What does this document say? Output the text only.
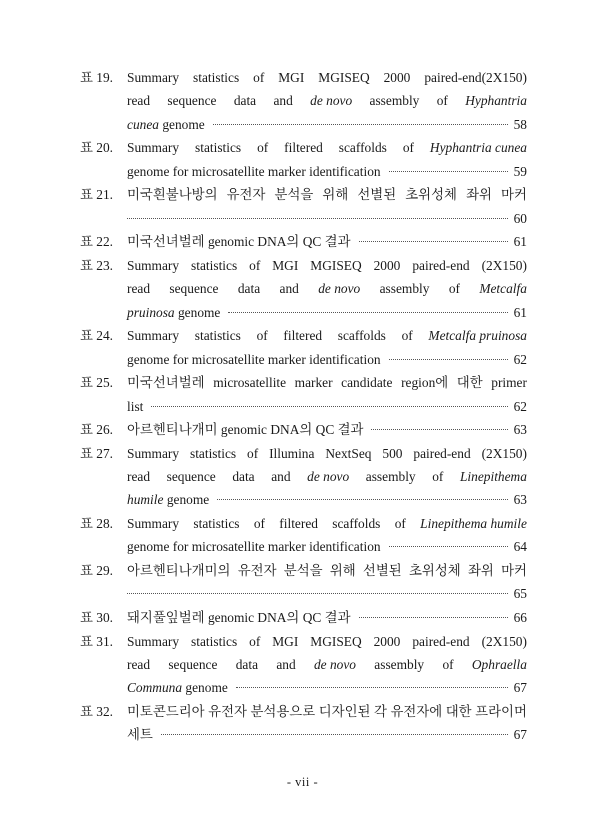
표 19. Summary statistics of MGI MGISEQ 2000 paired-end(2X150)
read sequence data and de novo assembly of Hyphantria
cunea
genome	58
표 20. Summary statistics of filtered scaffolds of Hyphantria cunea
genome for microsatellite marker identification	59
표 21. 미국흰불나방의 유전자 분석을 위해 선별된 초위성체 좌위 마커
60
표 22. 미국선녀벌레 genomic DNA의 QC 결과	61
표 23. Summary statistics of MGI MGISEQ 2000 paired-end (2X150)
read sequence data and de novo assembly of Metcalfa
pruinosa
genome	61
표 24. Summary statistics of filtered scaffolds of Metcalfa pruinosa
genome for microsatellite marker identification	62
표 25. 미국선녀벌레 microsatellite marker candidate region에 대한 primer
list	62
표 26. 아르헨티나개미 genomic DNA의 QC 결과	63
표 27. Summary statistics of Illumina NextSeq 500 paired-end (2X150)
read sequence data and de novo assembly of Linepithema
humile
genome	63
표 28. Summary statistics of filtered scaffolds of Linepithema humile
genome for microsatellite marker identification	64
표 29. 아르헨티나개미의 유전자 분석을 위해 선별된 초위성체 좌위 마커
65
표 30. 돼지풀잎벌레 genomic DNA의 QC 결과	66
표 31. Summary statistics of MGI MGISEQ 2000 paired-end (2X150)
read sequence data and de novo assembly of Ophraella
Communa
genome	67
표 32. 미토콘드리아 유전자 분석용으로 디자인된 각 유전자에 대한 프라이머
세트	67
- vii -
